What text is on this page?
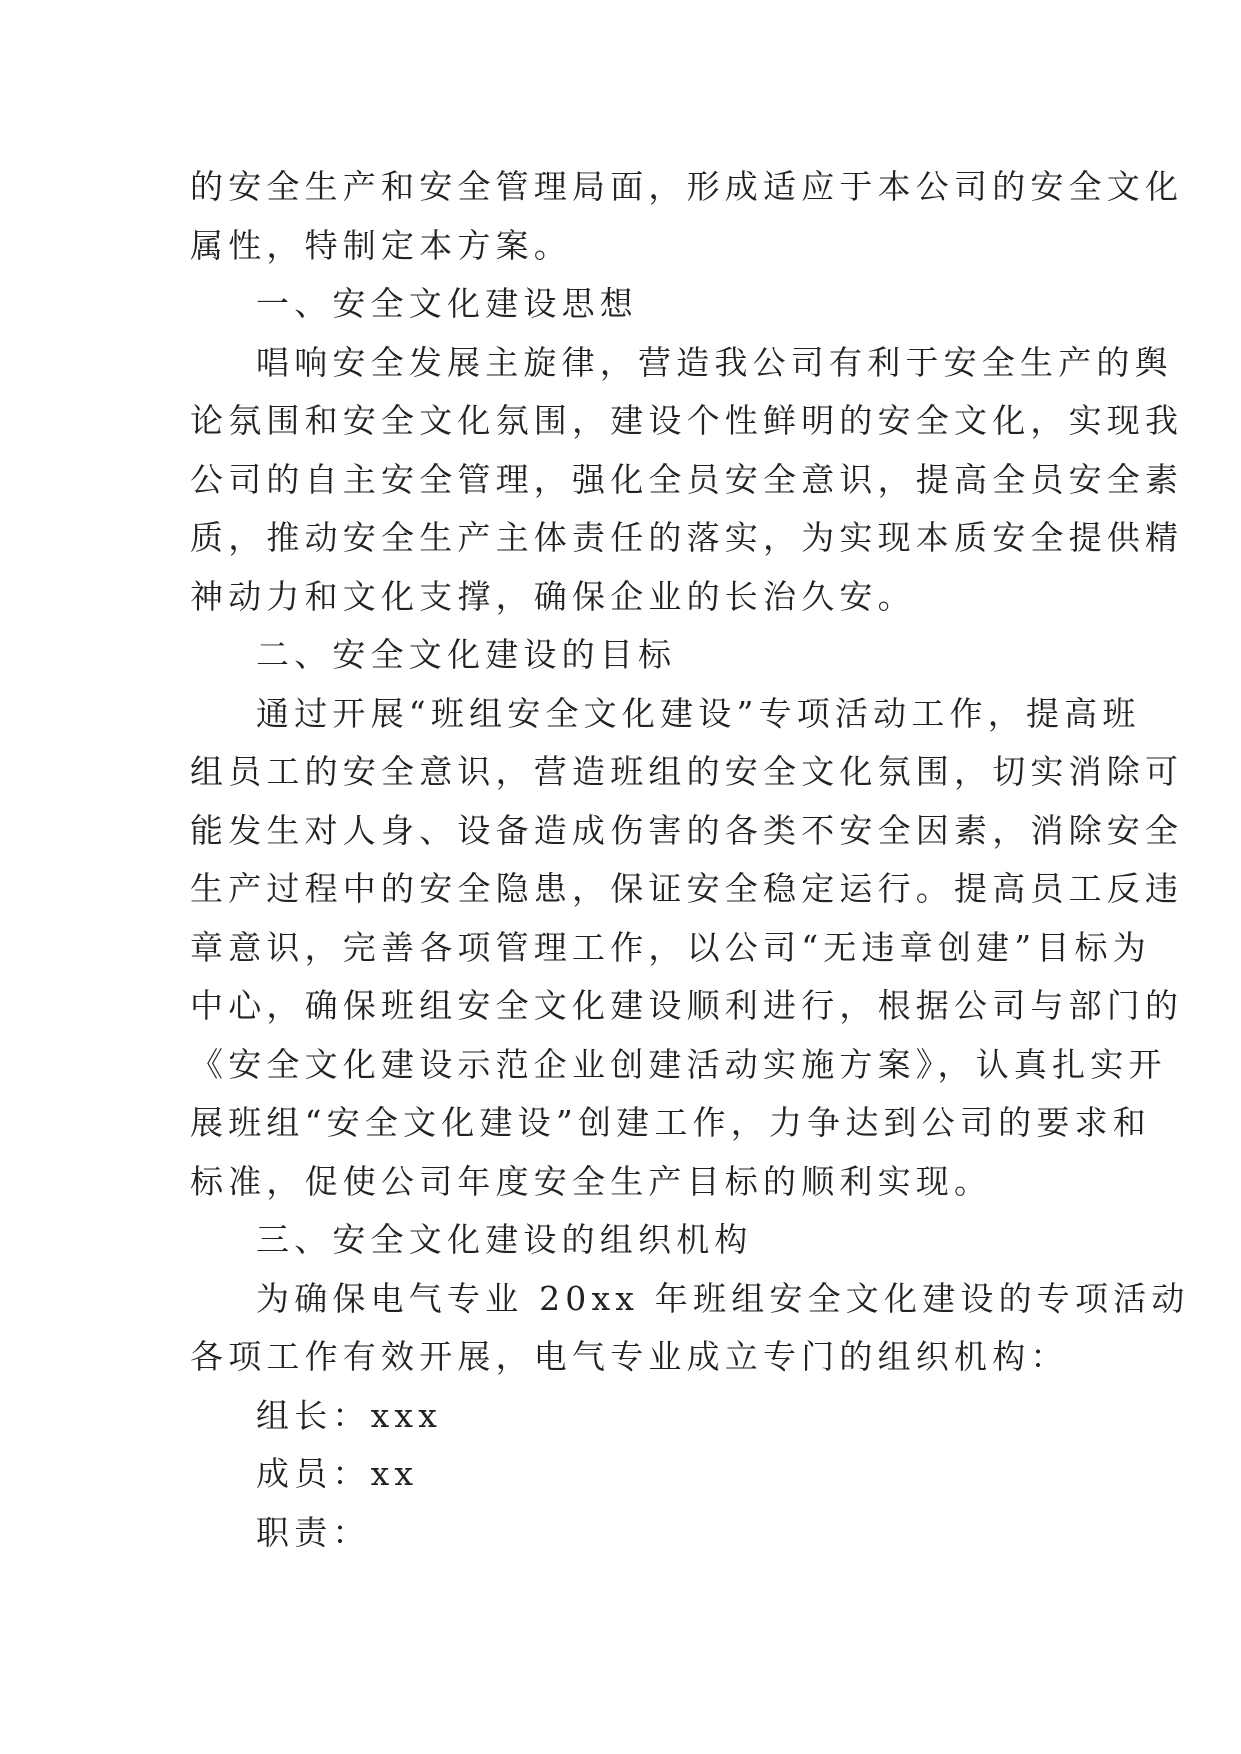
的安全生产和安全管理局面，形成适应于本公司的安全文化
属性，特制定本方案。

一、安全文化建设思想

唱响安全发展主旋律，营造我公司有利于安全生产的舆
论氛围和安全文化氛围，建设个性鲜明的安全文化，实现我
公司的自主安全管理，强化全员安全意识，提高全员安全素
质，推动安全生产主体责任的落实，为实现本质安全提供精
神动力和文化支撑，确保企业的长治久安。

二、安全文化建设的目标

通过开展“班组安全文化建设”专项活动工作，提高班
组员工的安全意识，营造班组的安全文化氛围，切实消除可
能发生对人身、设备造成伤害的各类不安全因素，消除安全
生产过程中的安全隐患，保证安全稳定运行。提高员工反违
章意识，完善各项管理工作，以公司“无违章创建”目标为
中心，确保班组安全文化建设顺利进行，根据公司与部门的
《安全文化建设示范企业创建活动实施方案》，认真扎实开
展班组“安全文化建设”创建工作，力争达到公司的要求和
标准，促使公司年度安全生产目标的顺利实现。

三、安全文化建设的组织机构

为确保电气专业 20xx 年班组安全文化建设的专项活动
各项工作有效开展，电气专业成立专门的组织机构：

组长：xxx

成员：xx

职责：
